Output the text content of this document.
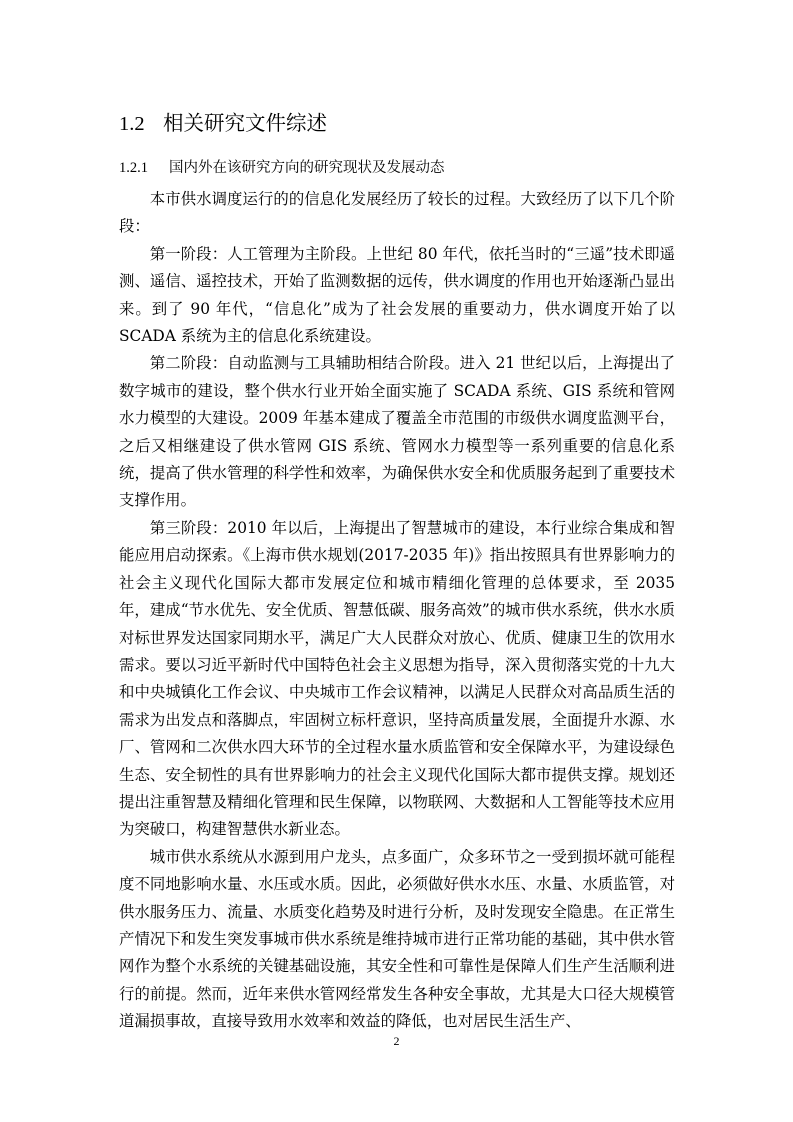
1.2 相关研究文件综述
1.2.1 国内外在该研究方向的研究现状及发展动态

本市供水调度运行的的信息化发展经历了较长的过程。大致经历了以下几个阶段：

第一阶段：人工管理为主阶段。上世纪 80 年代，依托当时的“三遥”技术即遥测、遥信、遥控技术，开始了监测数据的远传，供水调度的作用也开始逐渐凸显出来。到了 90 年代，“信息化”成为了社会发展的重要动力，供水调度开始了以 SCADA 系统为主的信息化系统建设。

第二阶段：自动监测与工具辅助相结合阶段。进入 21 世纪以后，上海提出了数字城市的建设，整个供水行业开始全面实施了 SCADA 系统、GIS 系统和管网水力模型的大建设。2009 年基本建成了覆盖全市范围的市级供水调度监测平台，之后又相继建设了供水管网 GIS 系统、管网水力模型等一系列重要的信息化系统，提高了供水管理的科学性和效率，为确保供水安全和优质服务起到了重要技术支撑作用。

第三阶段：2010 年以后，上海提出了智慧城市的建设，本行业综合集成和智能应用启动探索。《上海市供水规划(2017-2035 年)》指出按照具有世界影响力的社会主义现代化国际大都市发展定位和城市精细化管理的总体要求，至 2035 年，建成“节水优先、安全优质、智慧低碳、服务高效”的城市供水系统，供水水质对标世界发达国家同期水平，满足广大人民群众对放心、优质、健康卫生的饮用水需求。要以习近平新时代中国特色社会主义思想为指导，深入贯彻落实党的十九大和中央城镇化工作会议、中央城市工作会议精神，以满足人民群众对高品质生活的需求为出发点和落脚点，牢固树立标杆意识，坚持高质量发展，全面提升水源、水厂、管网和二次供水四大环节的全过程水量水质监管和安全保障水平，为建设绿色生态、安全韧性的具有世界影响力的社会主义现代化国际大都市提供支撑。规划还提出注重智慧及精细化管理和民生保障，以物联网、大数据和人工智能等技术应用为突破口，构建智慧供水新业态。

城市供水系统从水源到用户龙头，点多面广，众多环节之一受到损坏就可能程度不同地影响水量、水压或水质。因此，必须做好供水水压、水量、水质监管，对供水服务压力、流量、水质变化趋势及时进行分析，及时发现安全隐患。在正常生产情况下和发生突发事城市供水系统是维持城市进行正常功能的基础，其中供水管网作为整个水系统的关键基础设施，其安全性和可靠性是保障人们生产生活顺利进行的前提。然而，近年来供水管网经常发生各种安全事故，尤其是大口径大规模管道漏损事故，直接导致用水效率和效益的降低，也对居民生活生产、

2
